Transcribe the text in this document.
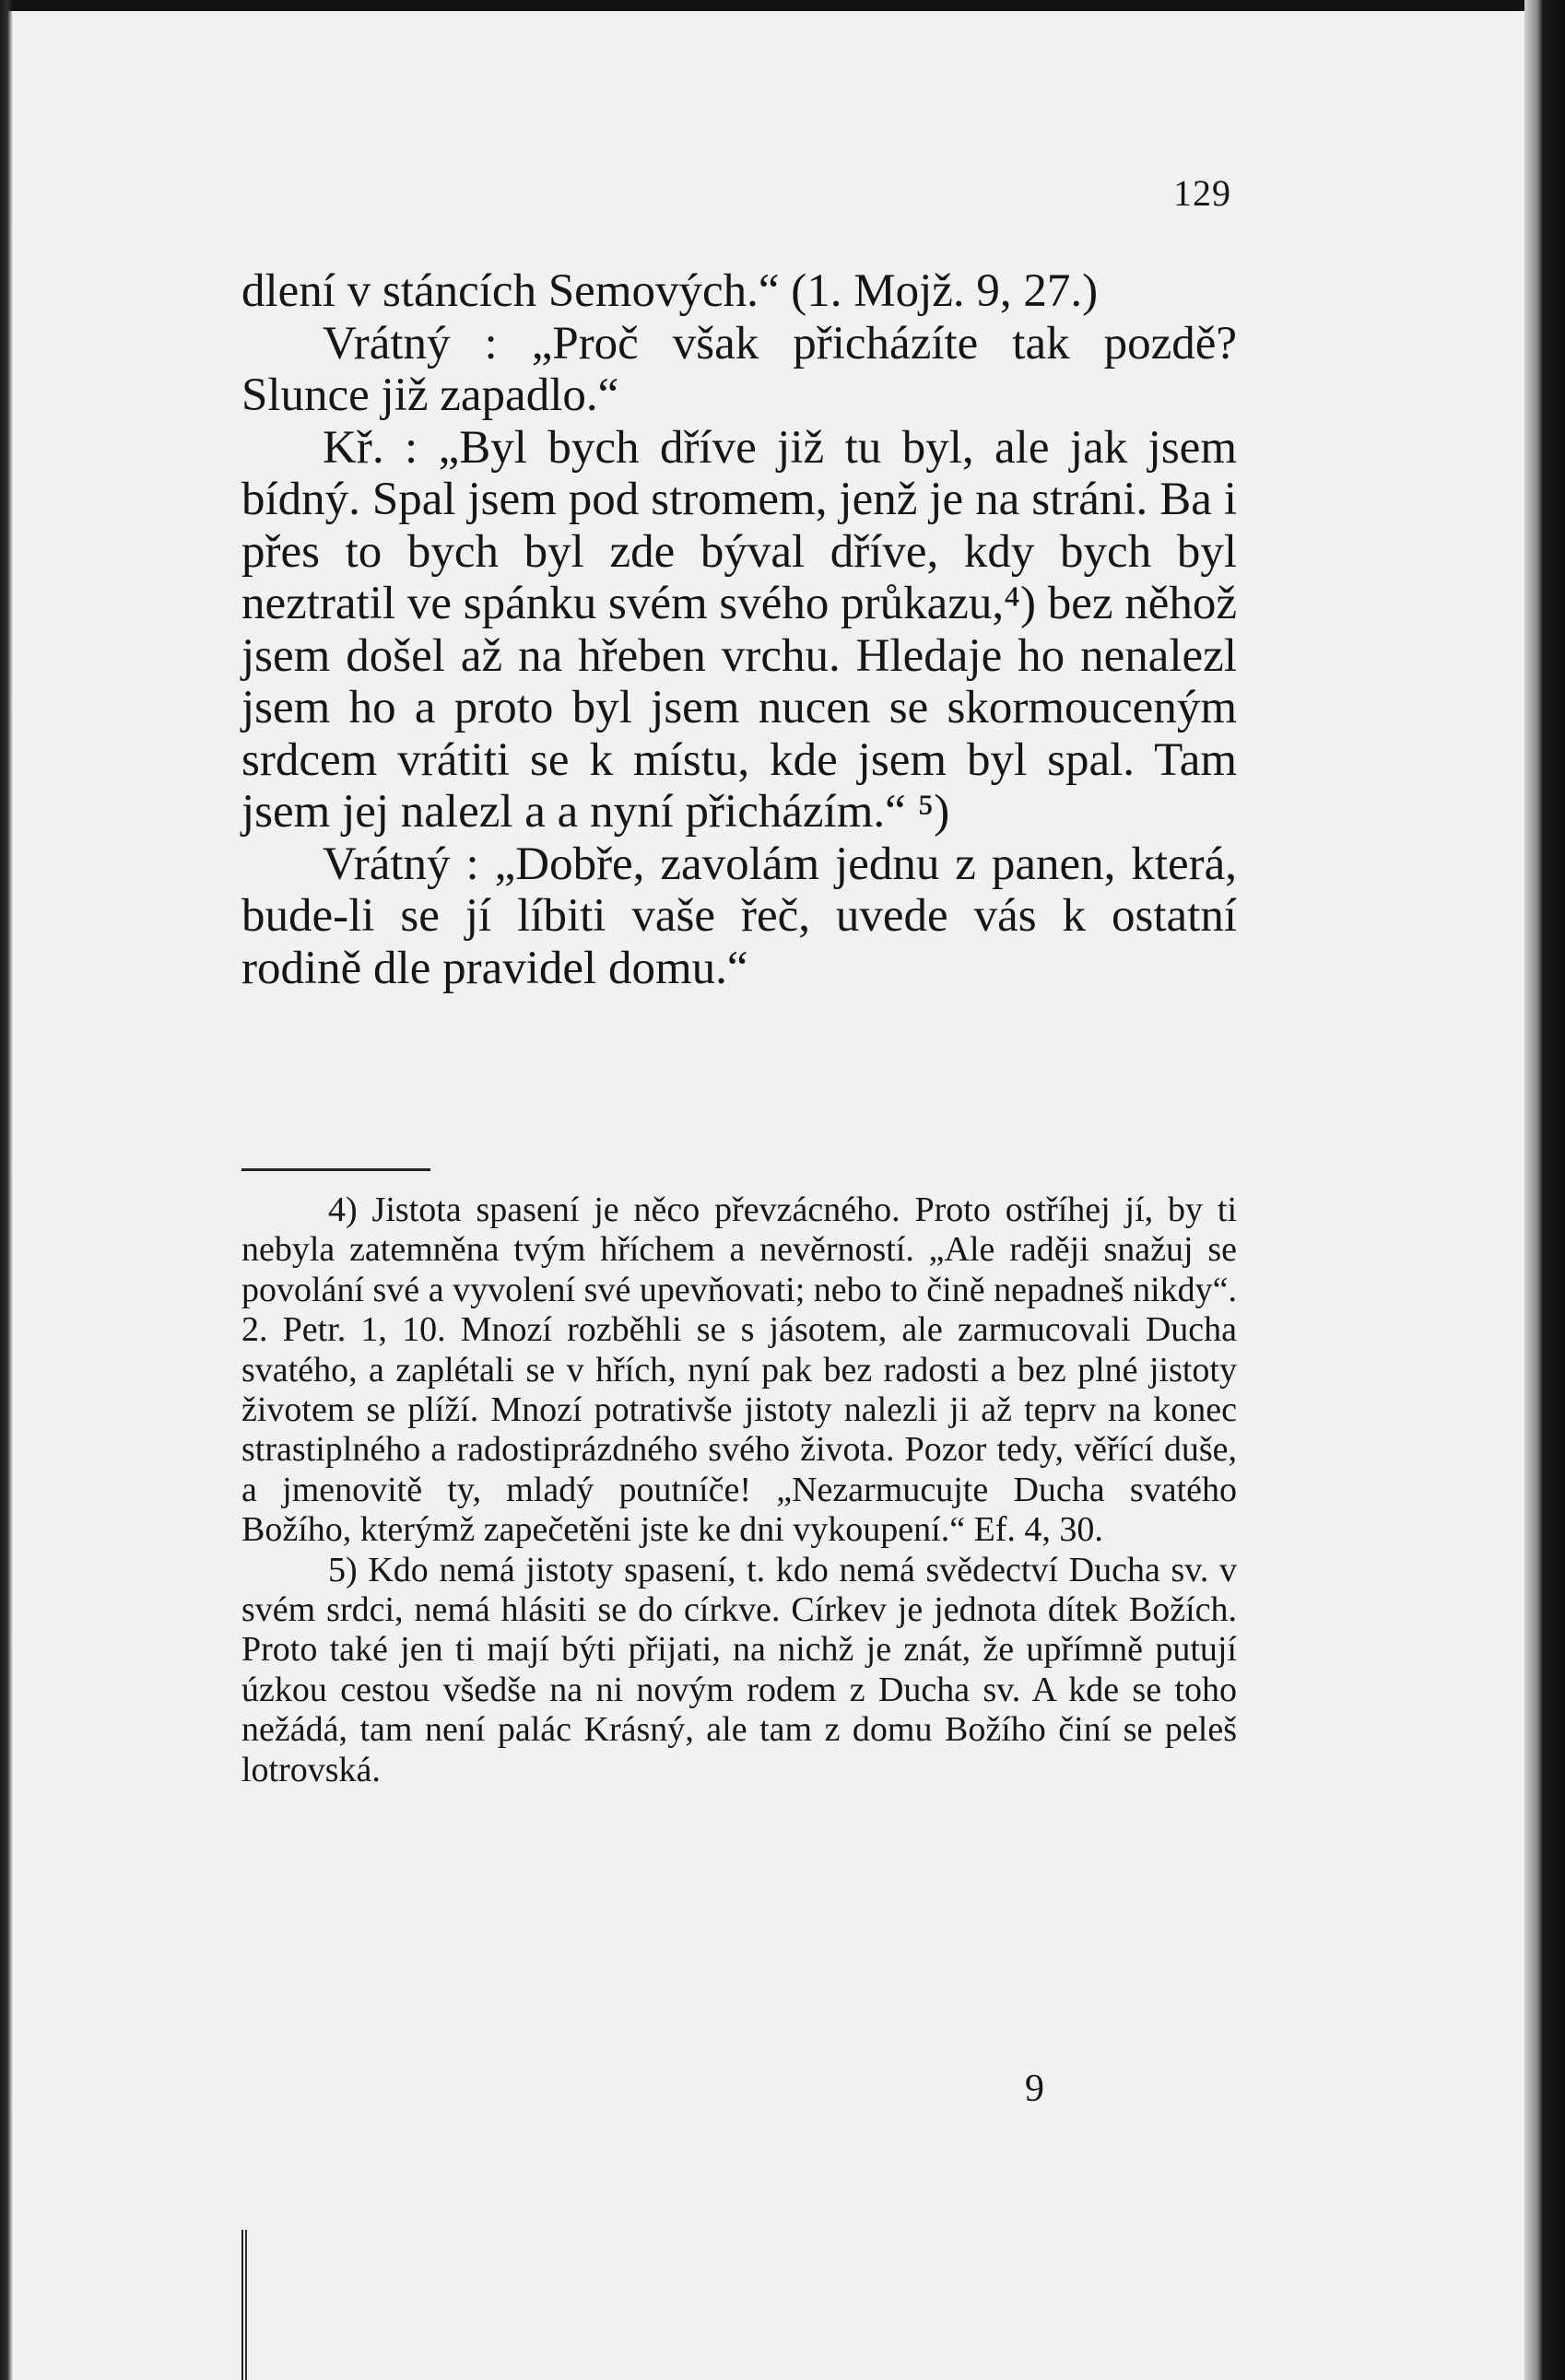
129

dlení v stáncích Semových.“ (1. Mojž. 9, 27.)

Vrátný : „Proč však přicházíte tak pozdě? Slunce již zapadlo.“

Kř. : „Byl bych dříve již tu byl, ale jak jsem bídný. Spal jsem pod stromem, jenž je na stráni. Ba i přes to bych byl zde býval dříve, kdy bych byl neztratil ve spánku svém svého průkazu,⁴) bez něhož jsem došel až na hřeben vrchu. Hledaje ho nenalezl jsem ho a proto byl jsem nucen se skormouceným srdcem vrátiti se k místu, kde jsem byl spal. Tam jsem jej nalezl a a nyní přicházím.“ ⁵)

Vrátný : „Dobře, zavolám jednu z panen, která, bude-li se jí líbiti vaše řeč, uvede vás k ostatní rodině dle pravidel domu.“

4) Jistota spasení je něco převzácného. Proto ostříhej jí, by ti nebyla zatemněna tvým hříchem a nevěrností. „Ale raději snažuj se povolání své a vyvolení své upevňovati; nebo to čině nepadneš nikdy“. 2. Petr. 1, 10. Mnozí rozběhli se s jásotem, ale zarmucovali Ducha svatého, a zaplétali se v hřích, nyní pak bez radosti a bez plné jistoty životem se plíží. Mnozí potrativše jistoty nalezli ji až teprv na konec strastiplného a radostiprázdného svého života. Pozor tedy, věřící duše, a jmenovitě ty, mladý poutníče! „Nezarmucujte Ducha svatého Božího, kterýmž zapečetěni jste ke dni vykoupení.“ Ef. 4, 30.

5) Kdo nemá jistoty spasení, t. kdo nemá svědectví Ducha sv. v svém srdci, nemá hlásiti se do církve. Církev je jednota dítek Božích. Proto také jen ti mají býti přijati, na nichž je znát, že upřímně putují úzkou cestou všedše na ni novým rodem z Ducha sv. A kde se toho nežádá, tam není palác Krásný, ale tam z domu Božího činí se peleš lotrovská.

9
